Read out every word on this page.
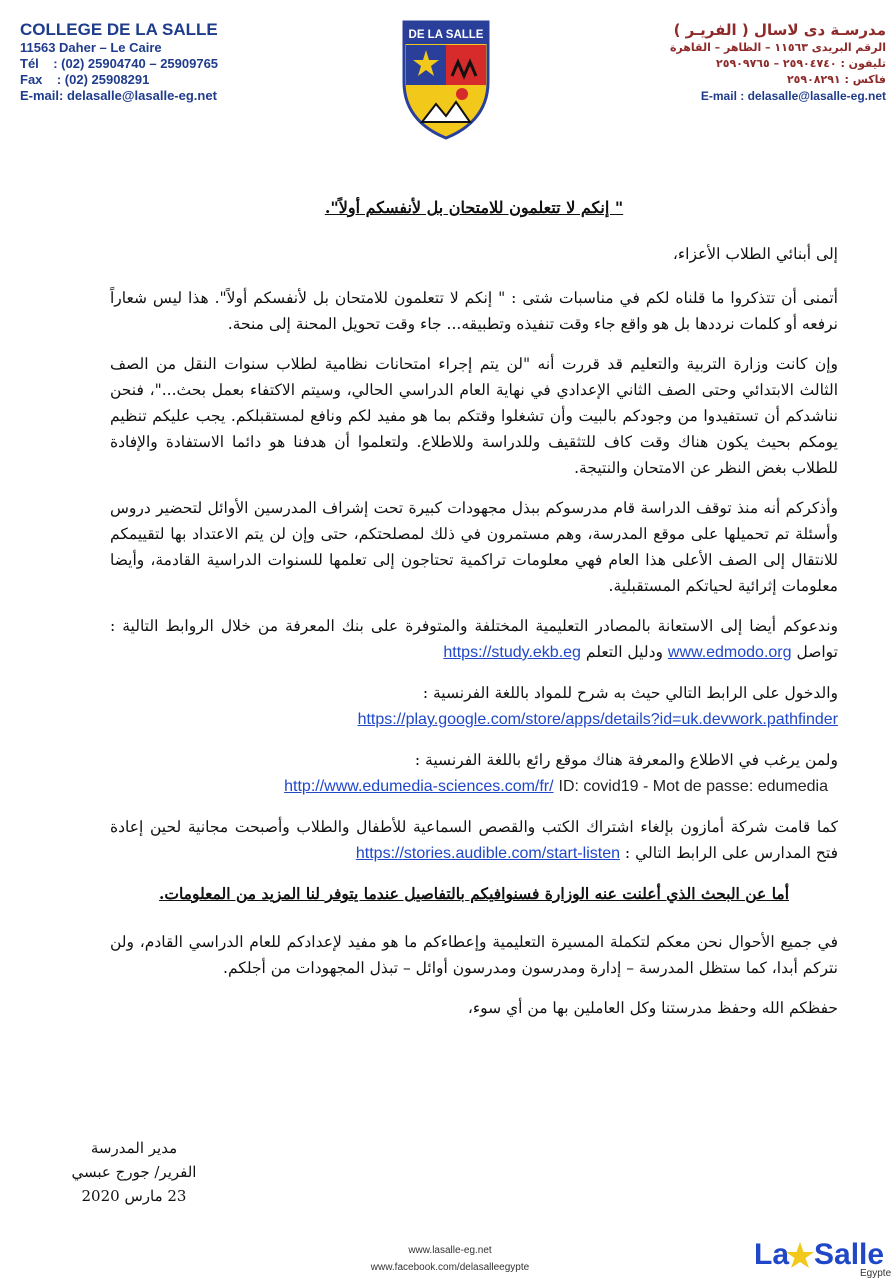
COLLEGE DE LA SALLE
11563 Daher – Le Caire
Tél    : (02) 25904740 – 25909765
Fax    : (02) 25908291
E-mail: delasalle@lasalle-eg.net
DE LA SALLE	مدرسـة دى لاسال ( الفريـر )
الرقم البريدى ١١٥٦٣ – الظاهر – القاهرة
تليفون : ٢٥٩٠٤٧٤٠ – ٢٥٩٠٩٧٦٥
فاكس : ٢٥٩٠٨٢٩١
E-mail : delasalle@lasalle-eg.net

" إنكم لا تتعلمون للامتحان بل لأنفسكم أولاً".

إلى أبنائي الطلاب الأعزاء،

أتمنى أن تتذكروا ما قلناه لكم في مناسبات شتى : " إنكم لا تتعلمون للامتحان بل لأنفسكم أولاً". هذا ليس شعاراً نرفعه أو كلمات نرددها بل هو واقع جاء وقت تنفيذه وتطبيقه... جاء وقت تحويل المحنة إلى منحة.

وإن كانت وزارة التربية والتعليم قد قررت أنه "لن يتم إجراء امتحانات نظامية لطلاب سنوات النقل من الصف الثالث الابتدائي وحتى الصف الثاني الإعدادي في نهاية العام الدراسي الحالي، وسيتم الاكتفاء بعمل بحث..."، فنحن نناشدكم أن تستفيدوا من وجودكم بالبيت وأن تشغلوا وقتكم بما هو مفيد لكم ونافع لمستقبلكم. يجب عليكم تنظيم يومكم بحيث يكون هناك وقت كاف للتثقيف وللدراسة وللاطلاع. ولتعلموا أن هدفنا هو دائما الاستفادة والإفادة للطلاب بغض النظر عن الامتحان والنتيجة.

وأذكركم أنه منذ توقف الدراسة قام مدرسوكم ببذل مجهودات كبيرة تحت إشراف المدرسين الأوائل لتحضير دروس وأسئلة تم تحميلها على موقع المدرسة، وهم مستمرون في ذلك لمصلحتكم، حتى وإن لن يتم الاعتداد بها لتقييمكم للانتقال إلى الصف الأعلى هذا العام فهي معلومات تراكمية تحتاجون إلى تعلمها للسنوات الدراسية القادمة، وأيضا معلومات إثرائية لحياتكم المستقبلية.

وندعوكم أيضا إلى الاستعانة بالمصادر التعليمية المختلفة والمتوفرة على بنك المعرفة من خلال الروابط التالية : تواصل www.edmodo.org ودليل التعلم https://study.ekb.eg

والدخول على الرابط التالي حيث به شرح للمواد باللغة الفرنسية :
https://play.google.com/store/apps/details?id=uk.devwork.pathfinder

ولمن يرغب في الاطلاع والمعرفة هناك موقع رائع باللغة الفرنسية :
http://www.edumedia-sciences.com/fr/ ID: covid19 - Mot de passe: edumedia

كما قامت شركة أمازون بإلغاء اشتراك الكتب والقصص السماعية للأطفال والطلاب وأصبحت مجانية لحين إعادة فتح المدارس على الرابط التالي : https://stories.audible.com/start-listen

أما عن البحث الذي أعلنت عنه الوزارة فسنوافيكم بالتفاصيل عندما يتوفر لنا المزيد من المعلومات.

في جميع الأحوال نحن معكم لتكملة المسيرة التعليمية وإعطاءكم ما هو مفيد لإعدادكم للعام الدراسي القادم، ولن نتركم أبدا، كما ستظل المدرسة – إدارة ومدرسون ومدرسون أوائل – تبذل المجهودات من أجلكم.

حفظكم الله وحفظ مدرستنا وكل العاملين بها من أي سوء،

مدير المدرسة
الفرير/ جورج عبسي
23 مارس 2020
www.lasalle-eg.net
www.facebook.com/delasalleegypte	La Salle
Egypte
